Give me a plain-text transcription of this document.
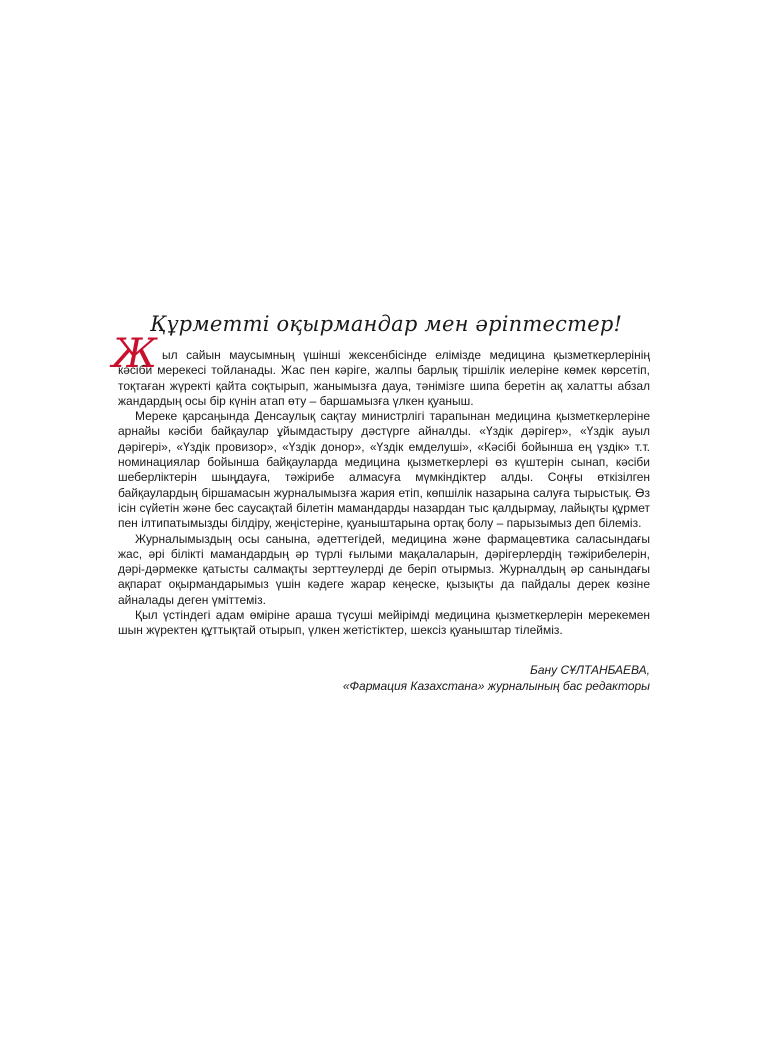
Құрметті оқырмандар мен әріптестер!
Ж ыл сайын маусымның үшінші жексенбісінде елімізде медицина қызметкерлерінің кәсіби мерекесі тойланады. Жас пен кәріге, жалпы барлық тіршілік иелеріне көмек көрсетіп, тоқтаған жүректі қайта соқтырып, жанымызға дауа, тәнімізге шипа беретін ақ халатты абзал жандардың осы бір күнін атап өту – баршамызға үлкен қуаныш.

Мереке қарсаңында Денсаулық сақтау министрлігі тарапынан медицина қызметкерлеріне арнайы кәсіби байқаулар ұйымдастыру дәстүрге айналды. «Үздік дәрігер», «Үздік ауыл дәрігері», «Үздік провизор», «Үздік донор», «Үздік емделуші», «Кәсібі бойынша ең үздік» т.т. номинациялар бойынша байқауларда медицина қызметкерлері өз күштерін сынап, кәсіби шеберліктерін шыңдауға, тәжірибе алмасуға мүмкіндіктер алды. Соңғы өткізілген байқаулардың біршамасын журналымызға жария етіп, көпшілік назарына салуға тырыстық. Өз ісін сүйетін және бес саусақтай білетін мамандарды назардан тыс қалдырмау, лайықты құрмет пен ілтипатымызды білдіру, жеңістеріне, қуаныштарына ортақ болу – парызымыз деп білеміз.

Журналымыздың осы санына, әдеттегідей, медицина және фармацевтика саласындағы жас, әрі білікті мамандардың әр түрлі ғылыми мақалаларын, дәрігерлердің тәжірибелерін, дәрі-дәрмекке қатысты салмақты зерттеулерді де беріп отырмыз. Журналдың әр санындағы ақпарат оқырмандарымыз үшін кәдеге жарар кеңеске, қызықты да пайдалы дерек көзіне айналады деген үміттеміз.

Қыл үстіндегі адам өміріне араша түсуші мейірімді медицина қызметкерлерін мерекемен шын жүректен құттықтай отырып, үлкен жетістіктер, шексіз қуаныштар тілейміз.

Бану СҰЛТАНБАЕВА,
«Фармация Казахстана» журналының бас редакторы
